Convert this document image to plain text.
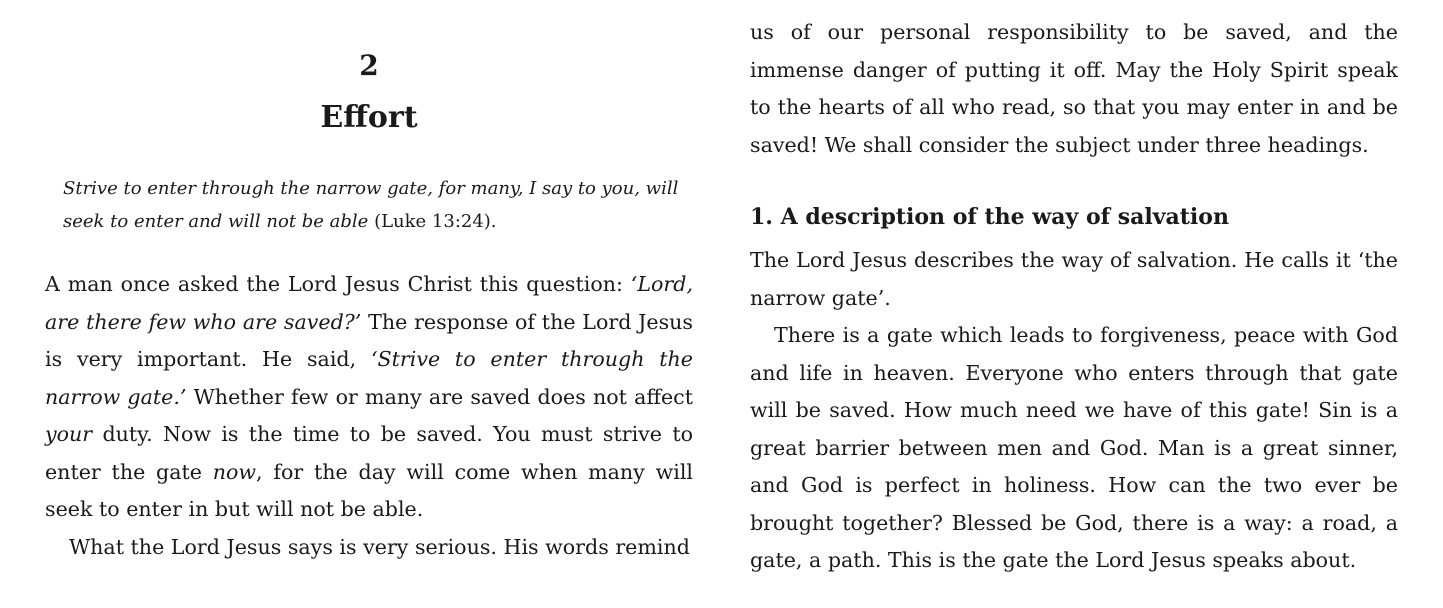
2
Effort
Strive to enter through the narrow gate, for many, I say to you, will seek to enter and will not be able (Luke 13:24).

A man once asked the Lord Jesus Christ this question: ‘Lord, are there few who are saved?’ The response of the Lord Jesus is very important. He said, ‘Strive to enter through the narrow gate.’ Whether few or many are saved does not affect your duty. Now is the time to be saved. You must strive to enter the gate now, for the day will come when many will seek to enter in but will not be able.

What the Lord Jesus says is very serious. His words remind

us of our personal responsibility to be saved, and the immense danger of putting it off. May the Holy Spirit speak to the hearts of all who read, so that you may enter in and be saved! We shall consider the subject under three headings.

1. A description of the way of salvation

The Lord Jesus describes the way of salvation. He calls it ‘the narrow gate’.

There is a gate which leads to forgiveness, peace with God and life in heaven. Everyone who enters through that gate will be saved. How much need we have of this gate! Sin is a great barrier between men and God. Man is a great sinner, and God is perfect in holiness. How can the two ever be brought together? Blessed be God, there is a way: a road, a gate, a path. This is the gate the Lord Jesus speaks about.
